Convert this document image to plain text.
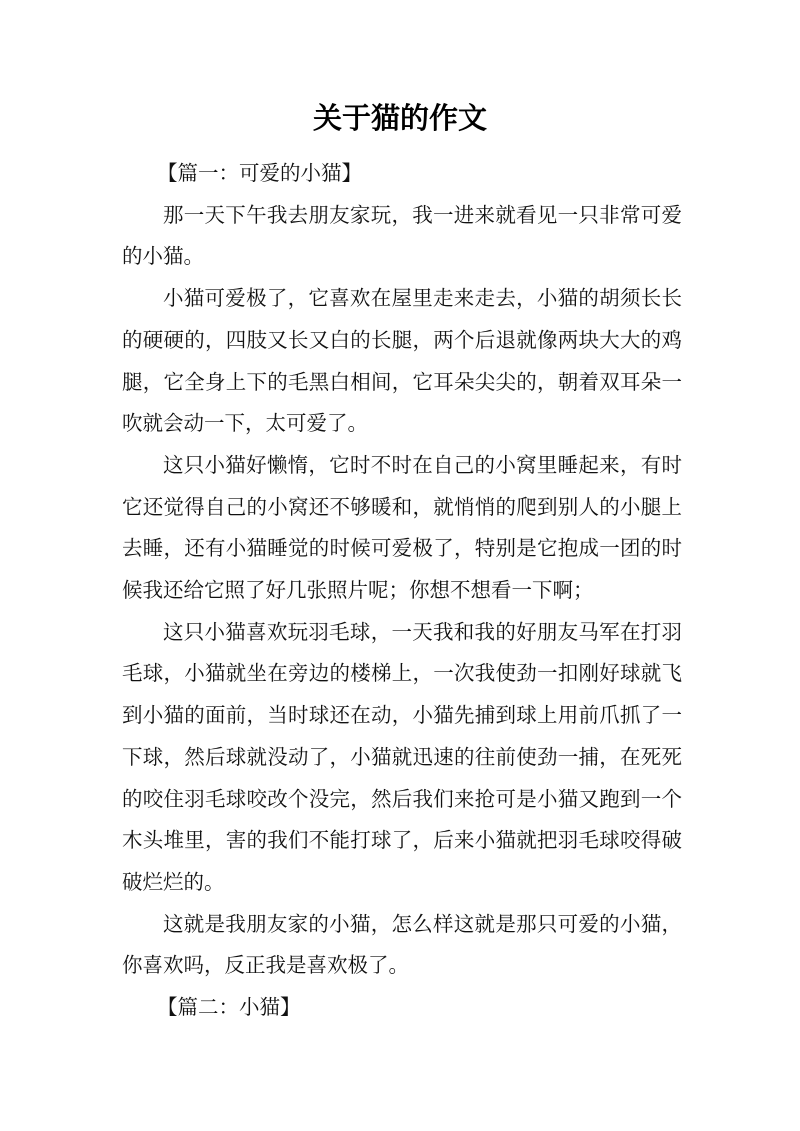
关于猫的作文

【篇一：可爱的小猫】

那一天下午我去朋友家玩，我一进来就看见一只非常可爱的小猫。

小猫可爱极了，它喜欢在屋里走来走去，小猫的胡须长长的硬硬的，四肢又长又白的长腿，两个后退就像两块大大的鸡腿，它全身上下的毛黑白相间，它耳朵尖尖的，朝着双耳朵一吹就会动一下，太可爱了。

这只小猫好懒惰，它时不时在自己的小窝里睡起来，有时它还觉得自己的小窝还不够暖和，就悄悄的爬到别人的小腿上去睡，还有小猫睡觉的时候可爱极了，特别是它抱成一团的时候我还给它照了好几张照片呢；你想不想看一下啊；

这只小猫喜欢玩羽毛球，一天我和我的好朋友马军在打羽毛球，小猫就坐在旁边的楼梯上，一次我使劲一扣刚好球就飞到小猫的面前，当时球还在动，小猫先捕到球上用前爪抓了一下球，然后球就没动了，小猫就迅速的往前使劲一捕，在死死的咬住羽毛球咬改个没完，然后我们来抢可是小猫又跑到一个木头堆里，害的我们不能打球了，后来小猫就把羽毛球咬得破破烂烂的。

这就是我朋友家的小猫，怎么样这就是那只可爱的小猫，你喜欢吗，反正我是喜欢极了。

【篇二：小猫】
